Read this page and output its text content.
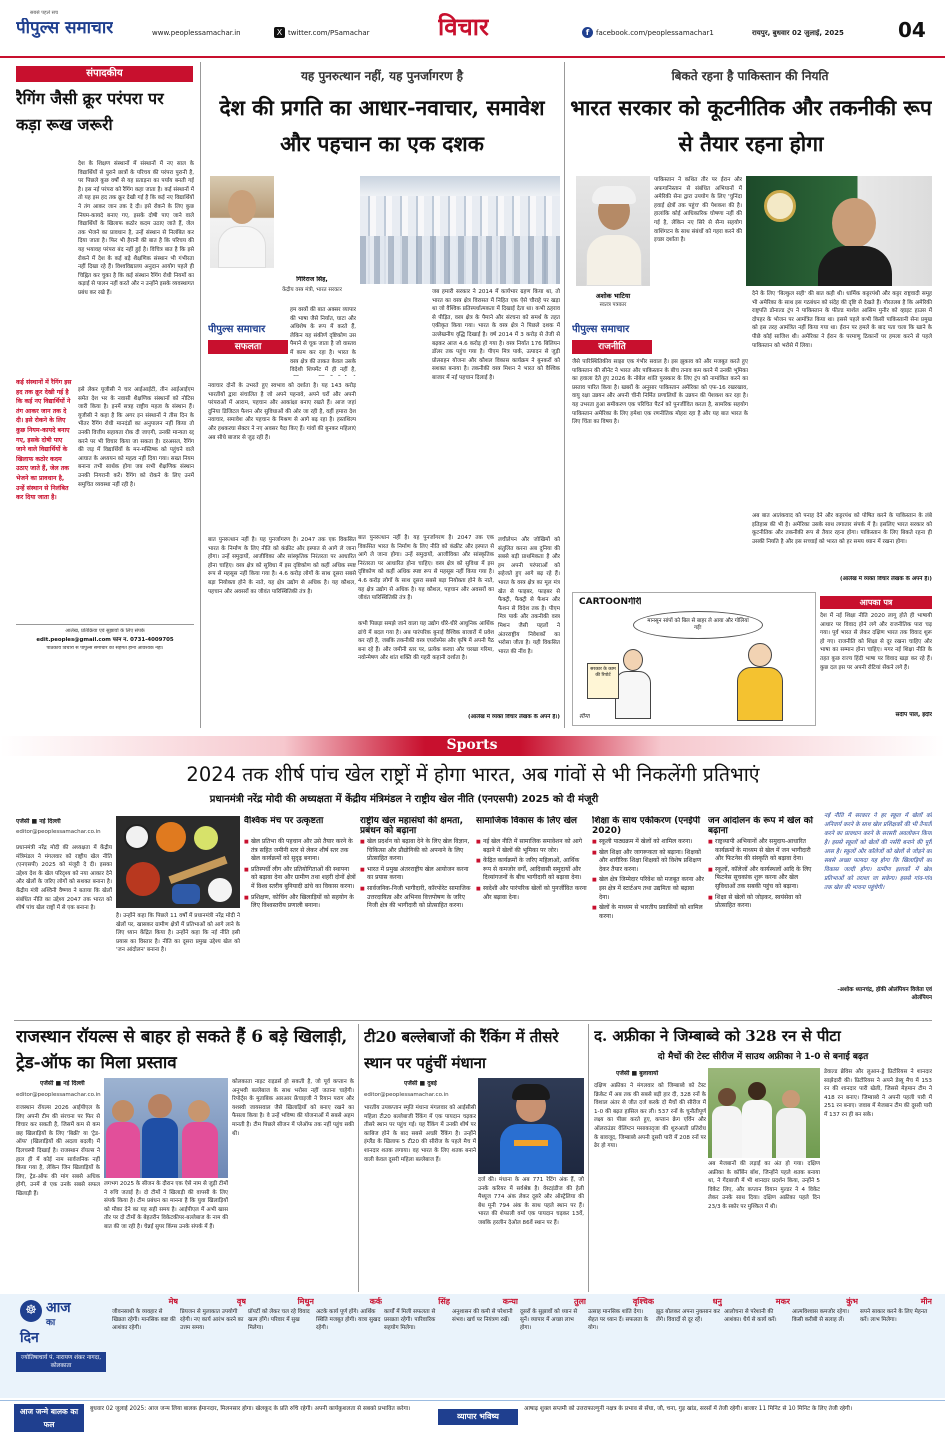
सबसे पहले सच
पीपुल्स समाचार	www.peoplessamachar.in	X twitter.com/PSamachar	विचार	f facebook.com/peoplessamachar1	रायपुर, बुधवार 02 जुलाई, 2025	04
संपादकीय
रैगिंग जैसी क्रूर परंपरा पर कड़ा रूख जरूरी
देश के शिक्षण संस्थानों में संस्थानों में नए साल के विद्यार्थियों से पुराने छात्रों के परिचय की परंपरा पुरानी है, पर पिछले कुछ वर्षों से यह प्रताड़ना का पर्याय बनती गई है। इस नई परंपरा को रैगिंग कहा जाता है। कई संस्थानों में तो यह इस हद तक क्रूर देखी गई है कि कई नए विद्यार्थियों ने तंग आकर जान तक दे दी। इसे रोकने के लिए कुछ नियम-कायदे बनाए गए, इसके दोषी पाए जाने वाले विद्यार्थियों के खिलाफ कठोर कदम उठाए जाते हैं, जेल तक भेजने का प्रावधान है, उन्हें संस्थान से निलंबित कर दिया जाता है। फिर भी हैरानी की बात है कि परिचय की यह भयावह परंपरा बंद नहीं हुई है। विचित्र बात है कि इसे रोकने में देश के कई बड़े शैक्षणिक संस्थान भी गंभीरता नहीं दिखा रहे हैं। विश्वविद्यालय अनुदान आयोग पहले ही चिह्नित कर चुका है कि कई संस्थान रैगिंग रोधी नियमों का कड़ाई से पालन नहीं करते और न उन्होंने इसके व्यवस्थागत प्रबंध कर रखे हैं।
इसे लेकर यूजीसी ने चार आईआईटी, तीन आईआईएम समेत देश भर के नवासी शैक्षणिक संस्थानों को नोटिस जारी किया है। इनमें सत्रह राष्ट्रीय महत्व के संस्थान हैं। यूजीसी ने कहा है कि अगर इन संस्थानों ने तीस दिन के भीतर रैगिंग रोधी मानदंडों का अनुपालन नहीं किया तो उनकी वित्तीय सहायता रोक दी जाएगी, उनकी मान्यता रद्द करने पर भी विचार किया जा सकता है। दरअसल, रैगिंग की जड़ में विद्यार्थियों के मन-मस्तिष्क को पहुंचने वाले आघात के अध्ययन को महत्व नहीं दिया गया। सख्त नियम बनाना तभी सार्थक होगा जब सभी शैक्षणिक संस्थान उनकी निगरानी करें। रैगिंग को रोकने के लिए उनमें समुचित व्यवस्था नहीं रही है।
कई संस्थानों में रैगिंग इस हद तक क्रूर देखी गई है कि कई नए विद्यार्थियों ने तंग आकर जान तक दे दी। इसे रोकने के लिए कुछ नियम-कायदे बनाए गए, इसके दोषी पाए जाने वाले विद्यार्थियों के खिलाफ कठोर कदम उठाए जाते हैं, जेल तक भेजने का प्रावधान है, उन्हें संस्थान से निलंबित कर दिया जाता है।
आलेख, प्रतिक्रिया एवं सुझावों के लिए संपर्क
edit.peoples@gmail.com फोन नं. 0731-4009705
पाठकीय विचारों से पीपुल्स समाचार का सहमत होना आवश्यक नहीं।
यह पुनरुत्थान नहीं, यह पुनर्जागरण है
देश की प्रगति का आधार-नवाचार, समावेश और पहचान का एक दशक
गिरिराज सिंह,
केंद्रीय वस्त्र मंत्री, भारत सरकार
पीपुल्स समाचार
सफलता
हम वस्त्रों की बात अक्सर व्यापार की भाषा जैसे निर्यात, घाटा और अधिशेष के रूप में करते हैं, लेकिन यह संकीर्ण दृष्टिकोण उस पैमाने से चूक जाता है जो वास्तव में काम कर रहा है। भारत के वस्त्र क्षेत्र की ताकत केवल उसके विदेशी शिपमेंट में ही नहीं है,
नवाचार दोनों के उभरते हुए स्वभाव को दर्शाता है। यह 143 करोड़ भारतीयों द्वारा संचालित है जो अपने पहनावे, अपने घरों और अपनी परंपराओं में आराम, पहचान और आकांक्षा बनाए रखते हैं। आज जहां दुनिया डिजिटल फैशन और सुविधाओं की ओर जा रही है, वहीं हमारा देश नवाचार, समावेश और पहचान के मिश्रण से आगे बढ़ रहा है। हस्तशिल्प और हथकरघा सेक्टर ने नए अवसर पैदा किए हैं। गांवों की बुनकर महिलाएं अब सीधे बाजार से जुड़ रही हैं।
बात पुनरुत्थान नहीं है। यह पुनर्जागरण है। 2047 तक एक विकसित भारत के निर्माण के लिए नीति को कंक्रीट और इस्पात से आगे ले जाना होगा। उन्हें समुदायों, आजीविका और सांस्कृतिक निरंतरता पर आधारित होना चाहिए। वस्त्र क्षेत्र को सुविधा में इस दृष्टिकोण को कहीं अधिक स्पष्ट रूप से महसूस नहीं किया गया है। 4.6 करोड़ लोगों के साथ दूसरा सबसे बड़ा नियोक्ता होने के नाते, यह क्षेत्र उद्योग से अधिक है। यह कौशल, पहचान और अवसरों का जीवंत पारिस्थितिकी तंत्र है।
कभी पिछड़ा समझे जाने वाला यह उद्योग धीरे-धीरे आधुनिक आर्थिक ढांचे में बदल गया है। अब पारंपरिक बुनाई वैश्विक बाजारों में प्रवेश कर रही है, जबकि तकनीकी वस्त्र एयरोस्पेस और कृषि में अपनी पैठ बना रहे हैं। और जमीनी स्तर पर, प्रत्येक करघा और चरखा गरिमा, नवोन्मेषण और शांत शक्ति की गहरी कहानी दर्शाता है।
जब हमारी सरकार ने 2014 में कार्यभार ग्रहण किया था, तो भारत का वस्त्र क्षेत्र विरासत में निहित एक ऐसे चौराहे पर खड़ा था जो वैश्विक प्रतिस्पर्धात्मकता में दिखाई देता था। कभी ठहराव से पीड़ित, वस्त्र क्षेत्र के पैमाने और संरचना को समर्थ के तहत एकीकृत किया गया। भारत के वस्त्र क्षेत्र ने पिछले दशक में उल्लेखनीय वृद्धि दिखाई है। वर्ष 2014 में 3 करोड़ से तेजी से बढ़कर आज 4.6 करोड़ हो गया है। वस्त्र निर्यात 176 बिलियन डॉलर तक पहुंच गया है। पीएम मित्र पार्क, उत्पादन से जुड़ी प्रोत्साहन योजना और कौशल विकास कार्यक्रम ने बुनकरों को सशक्त बनाया है। तकनीकी वस्त्र मिशन ने भारत को वैश्विक बाजार में नई पहचान दिलाई है।
लचीलेपन और जोखिमों को संतुलित करना अब दुनिया की सबसे बड़ी प्राथमिकता है और हम अपनी परंपराओं को सहेजते हुए आगे बढ़ रहे हैं। भारत के वस्त्र क्षेत्र का मूल मंत्र खेत से फाइबर, फाइबर से फैक्ट्री, फैक्ट्री से फैशन और फैशन से विदेश तक है। पीएम मित्र पार्क और तकनीकी वस्त्र मिशन जैसी पहलों ने अंतरराष्ट्रीय निवेशकों का भरोसा जीता है। यही विकसित भारत की नींव है।
बात पुनरुत्थान नहीं है। यह पुनर्जागरण है। 2047 तक एक विकसित भारत के निर्माण के लिए नीति को कंक्रीट और इस्पात से आगे ले जाना होगा। उन्हें समुदायों, आजीविका और सांस्कृतिक निरंतरता पर आधारित होना चाहिए। वस्त्र क्षेत्र को सुविधा में इस दृष्टिकोण को कहीं अधिक स्पष्ट रूप से महसूस नहीं किया गया है। 4.6 करोड़ लोगों के साथ दूसरा सबसे बड़ा नियोक्ता होने के नाते, यह क्षेत्र उद्योग से अधिक है। यह कौशल, पहचान और अवसरों का जीवंत पारिस्थितिकी तंत्र है।
(आलेख में व्यक्त विचार लेखक के अपने हैं।)
बिकते रहना है पाकिस्तान की नियति
भारत सरकार को कूटनीतिक और तकनीकी रूप से तैयार रहना होगा
अशोक भाटिया
स्वतंत्र पत्रकार
पीपुल्स समाचार
राजनीति
पाकिस्तान ने कथित तौर पर ईरान और अफगानिस्तान से संबंधित अभियानों में अमेरिकी सेना द्वारा उपयोग के लिए 'चुनिंदा हवाई क्षेत्रों तक पहुंच' की पेशकश की है। हालांकि कोई आधिकारिक घोषणा नहीं की गई है, लेकिन नए सिरे से सैन्य सहयोग वाशिंगटन के साथ संबंधों को गहरा करने की इच्छा दर्शाता है।
जैसे पारिस्थितिकीय साझा एक गंभीर सवाल है। इस झुकाव को और मजबूत करते हुए पाकिस्तान की सीनेट ने भारत और पाकिस्तान के बीच तनाव कम करने में उनकी भूमिका का हवाला देते हुए 2026 के नोबेल शांति पुरस्कार के लिए ट्रंप को नामांकित करने का प्रस्ताव पारित किया है। खबरों के अनुसार पाकिस्तान अमेरिका को एफ-16 रखरखाव, वायु रक्षा उन्नयन और अपनी चीनी निर्मित प्रणालियों के उन्नयन की पेशकश कर रहा है। यह उभरता हुआ समीकरण एक परिचित पैटर्न को पुनर्जीवित करता है, सामरिक सहयोग पाकिस्तान अमेरिका के लिए हमेशा एक रणनीतिक मोहरा रहा है और यह बात भारत के लिए चिंता का विषय है।
देने के लिए 'बिल्कुल सही' की बात कही थी। धार्मिक कट्टरपंथी और कट्टर राष्ट्रवादी समूह भी अमेरिका के साथ इस गठबंधन को संदेह की दृष्टि से देखते हैं। गौरतलब है कि अमेरिकी राष्ट्रपति डोनाल्ड ट्रंप ने पाकिस्तान के फील्ड मार्शल आसिम मुनीर को व्हाइट हाउस में दोपहर के भोजन पर आमंत्रित किया था। इससे पहले कभी किसी पाकिस्तानी सेना प्रमुख को इस तरह आमंत्रित नहीं किया गया था। ईरान पर हमले के बाद पता चला कि खाने के पीछे कोई साजिश थी। अमेरिका ने ईरान के परमाणु ठिकानों पर हमला करने से पहले पाकिस्तान को भरोसे में लिया।
अब बात आतंकवाद को पनाह देने और कट्टरपंथ को पोषित करने के पाकिस्तान के लंबे इतिहास की भी है। अमेरिका उसके साथ लगातार संपर्क में है। इसलिए भारत सरकार को कूटनीतिक और तकनीकी रूप से तैयार रहना होगा। पाकिस्तान के लिए बिकते रहना ही उसकी नियति है और इस सच्चाई को भारत को हर समय ध्यान में रखना होगा।
(आलेख में व्यक्त विचार लेखक के अपने हैं।)
CARTOONगीरी
मानसून सांपों को बिल से बाहर ले आया और गोलियां गईं!
सरकार के काम की रिपोर्ट
सीमा
आपका पत्र
देश में नई शिक्षा नीति 2020 लागू होते ही भाषायी आधार पर विवाद होने लगे और राजनीतिक पारा चढ़ गया। पूर्व भारत से लेकर दक्षिण भारत तक विवाद शुरू हो गए। राजनीति को शिक्षा से दूर रखना चाहिए और भाषा का सम्मान होना चाहिए। मगर नई शिक्षा नीति के तहत कुछ राज्य हिंदी भाषा पर विवाद खड़ा कर रहे हैं। कुछ दल इस पर अपनी रोटियां सेंकने लगे हैं।
संदीप पाल, इंदौर
Sports
2024 तक शीर्ष पांच खेल राष्ट्रों में होगा भारत, अब गांवों से भी निकलेंगी प्रतिभाएं
प्रधानमंत्री नरेंद्र मोदी की अध्यक्षता में केंद्रीय मंत्रिमंडल ने राष्ट्रीय खेल नीति (एनएसपी) 2025 को दी मंजूरी
एजेंसी ■ नई दिल्ली
editor@peoplessamachar.co.in
प्रधानमंत्री नरेंद्र मोदी की अध्यक्षता में केंद्रीय मंत्रिमंडल ने मंगलवार को राष्ट्रीय खेल नीति (एनएसपी) 2025 को मंजूरी दे दी। इसका उद्देश्य देश के खेल परिदृश्य को नया आकार देने और खेलों के जरिए लोगों को सशक्त बनाना है। केंद्रीय मंत्री अश्विनी वैष्णव ने बताया कि खेलों संबंधित नीति का उद्देश्य 2047 तक भारत को शीर्ष पांच खेल राष्ट्रों में से एक बनाना है।
है। उन्होंने कहा कि पिछले 11 वर्षों में प्रधानमंत्री नरेंद्र मोदी ने खेलों पर, खासकर ग्रामीण क्षेत्रों में प्रतिभाओं को आगे लाने के लिए ध्यान केंद्रित किया है। उन्होंने कहा कि नई नीति इसी प्रयास का विस्तार है। नीति का दूसरा प्रमुख उद्देश्य खेल को 'जन आंदोलन' बनाना है।
वैश्विक मंच पर उत्कृष्टता
■ खेल प्रतिभा की पहचान और उसे तैयार करने के तंत्र सहित जमीनी स्तर से लेकर शीर्ष स्तर तक खेल कार्यक्रमों को सुदृढ़ बनाना।
■ प्रतिस्पर्धी लीग और प्रतियोगिताओं की स्थापना को बढ़ावा देना और ग्रामीण तथा शहरी दोनों क्षेत्रों में विश्व स्तरीय बुनियादी ढांचे का विकास करना।
■ प्रशिक्षण, कोचिंग और खिलाड़ियों को सहयोग के लिए विश्वस्तरीय प्रणाली बनाना।
राष्ट्रीय खेल महासंघों की क्षमता, प्रबंधन को बढ़ाना
■ खेल प्रदर्शन को बढ़ावा देने के लिए खेल विज्ञान, चिकित्सा और प्रौद्योगिकी को अपनाने के लिए प्रोत्साहित करना।
■ भारत में प्रमुख अंतरराष्ट्रीय खेल आयोजन करना का प्रयास करना।
■ सार्वजनिक-निजी भागीदारी, कॉरपोरेट सामाजिक उत्तरदायित्व और अभिनव वित्तपोषण के जरिए निजी क्षेत्र की भागीदारी को प्रोत्साहित करना।
सामाजिक विकास के लिए खेल
■ नई खेल नीति में सामाजिक समावेशन को आगे बढ़ाने में खेलों की भूमिका पर जोर।
■ केंद्रित कार्यक्रमों के जरिए महिलाओं, आर्थिक रूप से कमजोर वर्गों, आदिवासी समुदायों और दिव्यांगजनों के बीच भागीदारी को बढ़ावा देना।
■ स्वदेशी और पारंपरिक खेलों को पुनर्जीवित करना और बढ़ावा देना।
शिक्षा के साथ एकीकरण (एनईपी 2020)
■ स्कूली पाठ्यक्रम में खेलों को शामिल करना।
■ खेल शिक्षा और जागरूकता को बढ़ाना। शिक्षकों और शारीरिक शिक्षा शिक्षकों को विशेष प्रशिक्षण देकर तैयार करना।
■ खेल क्षेत्र जिम्मेदार परिवेश को मजबूत करना और इस क्षेत्र में स्टार्टअप तथा उद्यमिता को बढ़ावा देना।
■ खेलों के माध्यम से भारतीय प्रवासियों को शामिल करना।
जन आंदोलन के रूप में खेल को बढ़ाना
■ राष्ट्रव्यापी अभियानों और समुदाय-आधारित कार्यक्रमों के माध्यम से खेल में जन भागीदारी और फिटनेस की संस्कृति को बढ़ावा देना।
■ स्कूलों, कॉलेजों और कार्यस्थलों आदि के लिए फिटनेस सूचकांक शुरू करना और खेल सुविधाओं तक सबकी पहुंच को बढ़ाना।
■ शिक्षा से खेलों को जोड़कर, स्वयंसेवा को प्रोत्साहित करना।
नई नीति में सरकार ने हर स्कूल में खेलों को अनिवार्य करने के साथ खेल प्रशिक्षकों की भी तैनाती करने का प्रावधान करने के सरसरी अवलोकन किया है। इससे स्कूलों को खेलों की नर्सरी बनाने की पूरी आस है। स्कूलों और कॉलेजों को खेलों से जोड़ने का सबसे अच्छा फायदा यह होगा कि खिलाड़ियों का विकास जल्दी होगा। ग्रामीण इलाकों में खेल प्रतिभाओं को तराशा जा सकेगा। इससे गांव-गांव तक खेल की भावना पहुंचेगी।
-अशोक ध्यानचंद्र, हॉकी ओलंपियन विजेता एवं ओलंपियन
राजस्थान रॉयल्स से बाहर हो सकते हैं 6 बड़े खिलाड़ी, ट्रेड-ऑफ का मिला प्रस्ताव
एजेंसी ■ नई दिल्ली
editor@peoplessamachar.co.in
राजस्थान रॉयल्स 2026 आईपीएल के लिए अपनी टीम की संरचना पर फिर से विचार कर सकती है, जिसमें कम से कम छह खिलाड़ियों के लिए 'बिक्री' या 'ट्रेड-ऑफ' (खिलाड़ियों की अदला बदली) में दिलचस्पी दिखाई है। राजस्थान रॉयल्स ने हाल ही में कोई नाम सार्वजनिक नहीं किया गया है, लेकिन जिन खिलाड़ियों के लिए, ट्रेड-ऑफ की मांग सबसे अधिक होगी, उनमें से एक उनके सबसे सफल खिलाड़ी हैं।
लगभग 2025 के सीजन के दौरान एक ऐसे नाम से जुड़ी टीमों ने रुचि जताई है। दो टीमों ने खिलाड़ी की वापसी के लिए संपर्क किया है। टीम प्रबंधन का मानना है कि युवा खिलाड़ियों को मौका देने का यह सही समय है। आईपीएल में अभी खास तौर पर दो टीमों के बेहतरीन विकेटकीपर-बल्लेबाज के नाम की बात की जा रही है। चेन्नई सुपर किंग्स उनके संपर्क में हैं।
कोलकाता नाइट राइडर्स हो सकती है, जो पूर्व कप्तान के अनुभवी बल्लेबाज के साथ भरोसा नहीं जताना चाहेगी। रिपोर्ट्स के मुताबिक आरआर फ्रेंचाइजी ने रियान पराग और यशस्वी जायसवाल जैसे खिलाड़ियों को बनाए रखने का फैसला किया है। वे उन्हें भविष्य की योजनाओं में सबसे अहम मानती है। टीम पिछले सीजन में प्लेऑफ तक नहीं पहुंच सकी थी।
टी20 बल्लेबाजों की रैंकिंग में तीसरे स्थान पर पहुंचीं मंधाना
एजेंसी ■ दुबई
editor@peoplessamachar.co.in
भारतीय उपकप्तान स्मृति मंधाना मंगलवार को आईसीसी महिला टी20 बल्लेबाजी रैंकिंग में एक पायदान चढ़कर तीसरे स्थान पर पहुंच गई। यह रैंकिंग में उनकी शीर्ष पर काबिज होने के बाद सबसे अच्छी रैंकिंग है। उन्होंने इंग्लैंड के खिलाफ 5 टी20 की सीरीज के पहले मैच में शानदार शतक लगाया। वह भारत के लिए शतक बनाने वाली केवल दूसरी महिला बल्लेबाज हैं।
दर्ज की। मंधाना के अब 771 रेटिंग अंक हैं, जो उनके करियर में सर्वश्रेष्ठ है। वेस्टइंडीज की हेली मैथ्यूज 774 अंक लेकर दूसरे और ऑस्ट्रेलिया की बेथ मूनी 794 अंक के साथ पहले स्थान पर हैं। भारत की शेफाली वर्मा एक पायदान चढ़कर 13वें, जबकि हरलीन देओल 86वें स्थान पर हैं।
द. अफ्रीका ने जिम्बाब्वे को 328 रन से पीटा
दो मैचों की टेस्ट सीरीज में साउथ अफ्रीका ने 1-0 से बनाई बढ़त
एजेंसी ■ बुलावायो
दक्षिण अफ्रीका ने मंगलवार को जिम्बाब्वे को टेस्ट क्रिकेट में अब तक की सबसे बड़ी हार दी, 328 रनों के विशाल अंतर से जीत दर्ज करके दो मैचों की सीरीज में 1-0 की बढ़त हासिल कर ली। 537 रनों के चुनौतीपूर्ण लक्ष्य का पीछा करते हुए, कप्तान क्रेग एर्विन और ऑलराउंडर वेलिंग्टन मसाकाद्जा की शुरुआती प्रतिरोध के बावजूद, जिम्बाब्वे अपनी दूसरी पारी में 208 रनों पर ढेर हो गया।
अब मेजबानों की लड़ाई का अंत हो गया। दक्षिण अफ्रीका के कॉर्बिन बॉश, जिन्होंने पहले शतक बनाया था, ने गेंदबाजी में भी शानदार प्रदर्शन किया, उन्होंने 5 विकेट लिए, और कप्तान वियान मुल्डर ने 4 विकेट लेकर उनके साथ दिया। दक्षिण अफ्रीका पहले दिन 23/3 के स्कोर पर मुश्किल में थी।
डेवाल्ड ब्रेविस और लुआन-ड्रे प्रिटोरियस ने शानदार साझेदारी की। प्रिटोरियस ने अपने डेब्यू मैच में 153 रन की शानदार पारी खेली, जिससे मेहमान टीम ने 418 रन बनाए। जिम्बाब्वे ने अपनी पहली पारी में 251 रन बनाए। जवाब में मेजबान टीम की दूसरी पारी में 137 रन ही बन सके।
☸ आज
का
दिन
ज्योतिषाचार्य पं. नारायण शंकर नागदा, कोलकाता
मेष
जीवनसाथी के व्यवहार से खिन्नता रहेगी। मानसिक कष्ट की आशंका रहेगी।
वृष
प्रियजन से मुलाकात उपयोगी रहेगी। नए कार्य आरंभ करने का उत्तम समय।
मिथुन
प्रॉपर्टी को लेकर चल रहे विवाद खत्म होंगे। परिवार में सुख मिलेगा।
कर्क
अटके कार्य पूर्ण होंगे। आर्थिक स्थिति मजबूत होगी। यात्रा सुखद रहेगी।
सिंह
कार्यों में मिली सफलता से प्रसन्नता रहेगी। पारिवारिक सहयोग मिलेगा।
कन्या
अनुशासन की कमी से परेशानी संभव। खर्च पर नियंत्रण रखें।
तुला
दूसरों के सुझावों को ध्यान से सुनें। व्यापार में अच्छा लाभ होगा।
वृश्चिक
उत्साह मानसिक शांति देगा। सेहत पर ध्यान दें। सफलता के योग।
धनु
झूठ बोलकर अपना नुकसान कर लेंगे। विवादों से दूर रहें।
मकर
आलोचना से परेशानी की आशंका। धैर्य से कार्य करें।
कुंभ
आत्मविश्वास कमजोर रहेगा। किसी करीबी से सलाह लें।
मीन
सपने साकार करने के लिए मेहनत करें। लाभ मिलेगा।
आज जन्मे बालक का फल
बुधवार 02 जुलाई 2025: आज जन्म लिया बालक ईमानदार, मिलनसार होगा। खेलकूद के प्रति रुचि रहेगी। अपनी कार्यकुशलता से सबको प्रभावित करेगा।
व्यापार भविष्य
आषाढ़ शुक्ल सप्तमी को उत्तराफाल्गुनी नक्षत्र के प्रभाव से सेंधा, जौ, चना, गुड़ खांड, सरसों में तेजी रहेगी। बाजार 11 मिनिट से 10 मिनिट के लिए तेजी रहेगी।
